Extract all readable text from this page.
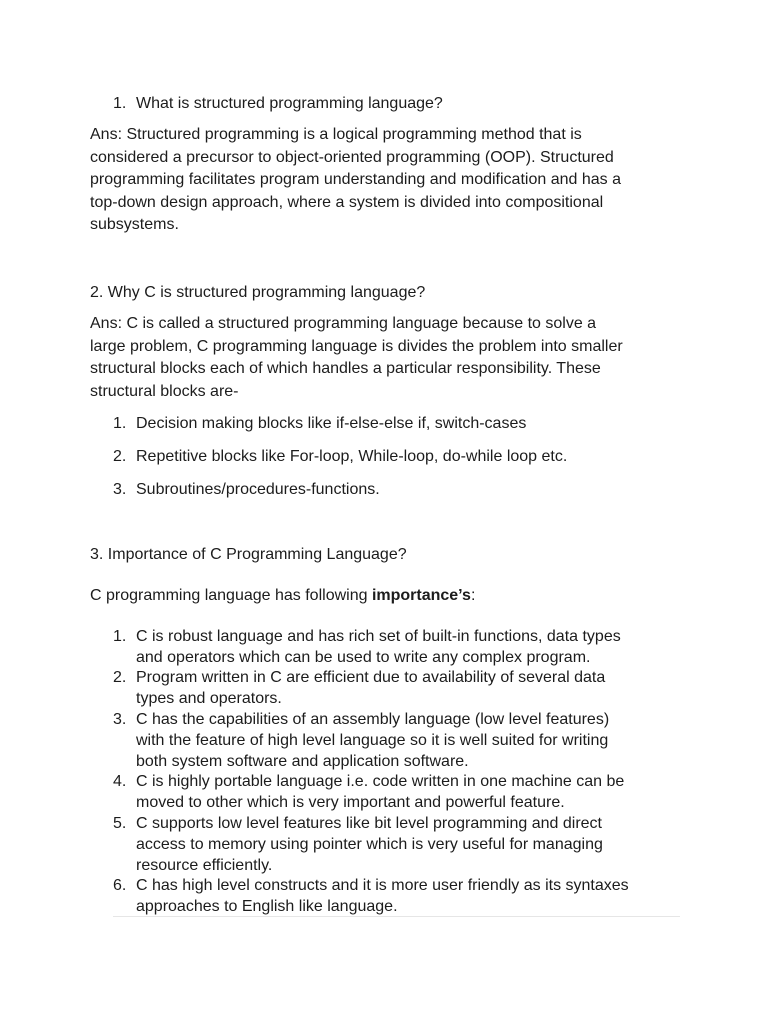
1. What is structured programming language?
Ans: Structured programming is a logical programming method that is
considered a precursor to object-oriented programming (OOP). Structured
programming facilitates program understanding and modification and has a
top-down design approach, where a system is divided into compositional
subsystems.
2. Why C is structured programming language?
Ans: C is called a structured programming language because to solve a
large problem, C programming language is divides the problem into smaller
structural blocks each of which handles a particular responsibility. These
structural blocks are-
1. Decision making blocks like if-else-else if, switch-cases
2. Repetitive blocks like For-loop, While-loop, do-while loop etc.
3. Subroutines/procedures-functions.
3. Importance of C Programming Language?
C programming language has following importance’s:
1. C is robust language and has rich set of built-in functions, data types
and operators which can be used to write any complex program.
2. Program written in C are efficient due to availability of several data
types and operators.
3. C has the capabilities of an assembly language (low level features)
with the feature of high level language so it is well suited for writing
both system software and application software.
4. C is highly portable language i.e. code written in one machine can be
moved to other which is very important and powerful feature.
5. C supports low level features like bit level programming and direct
access to memory using pointer which is very useful for managing
resource efficiently.
6. C has high level constructs and it is more user friendly as its syntaxes
approaches to English like language.
